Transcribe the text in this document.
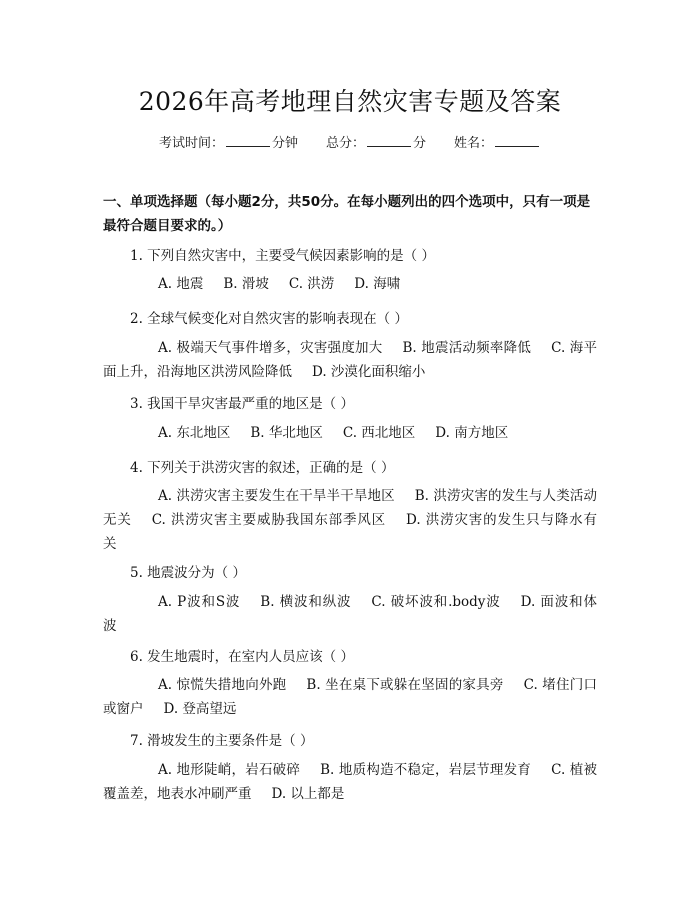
2026年高考地理自然灾害专题及答案
考试时间：	分钟 总分：	分 姓名：
一、单项选择题（每小题2分，共50分。在每小题列出的四个选项中，只有一项是最符合题目要求的。）
1. 下列自然灾害中，主要受气候因素影响的是（ ）
A. 地震 B. 滑坡 C. 洪涝 D. 海啸
2. 全球气候变化对自然灾害的影响表现在（ ）
A. 极端天气事件增多，灾害强度加大 B. 地震活动频率降低 C. 海平面上升，沿海地区洪涝风险降低 D. 沙漠化面积缩小
3. 我国干旱灾害最严重的地区是（ ）
A. 东北地区 B. 华北地区 C. 西北地区 D. 南方地区
4. 下列关于洪涝灾害的叙述，正确的是（ ）
A. 洪涝灾害主要发生在干旱半干旱地区 B. 洪涝灾害的发生与人类活动无关 C. 洪涝灾害主要威胁我国东部季风区 D. 洪涝灾害的发生只与降水有关
5. 地震波分为（ ）
A. P波和S波 B. 横波和纵波 C. 破坏波和.body波 D. 面波和体波
6. 发生地震时，在室内人员应该（ ）
A. 惊慌失措地向外跑 B. 坐在桌下或躲在坚固的家具旁 C. 堵住门口或窗户 D. 登高望远
7. 滑坡发生的主要条件是（ ）
A. 地形陡峭，岩石破碎 B. 地质构造不稳定，岩层节理发育 C. 植被覆盖差，地表水冲刷严重 D. 以上都是
